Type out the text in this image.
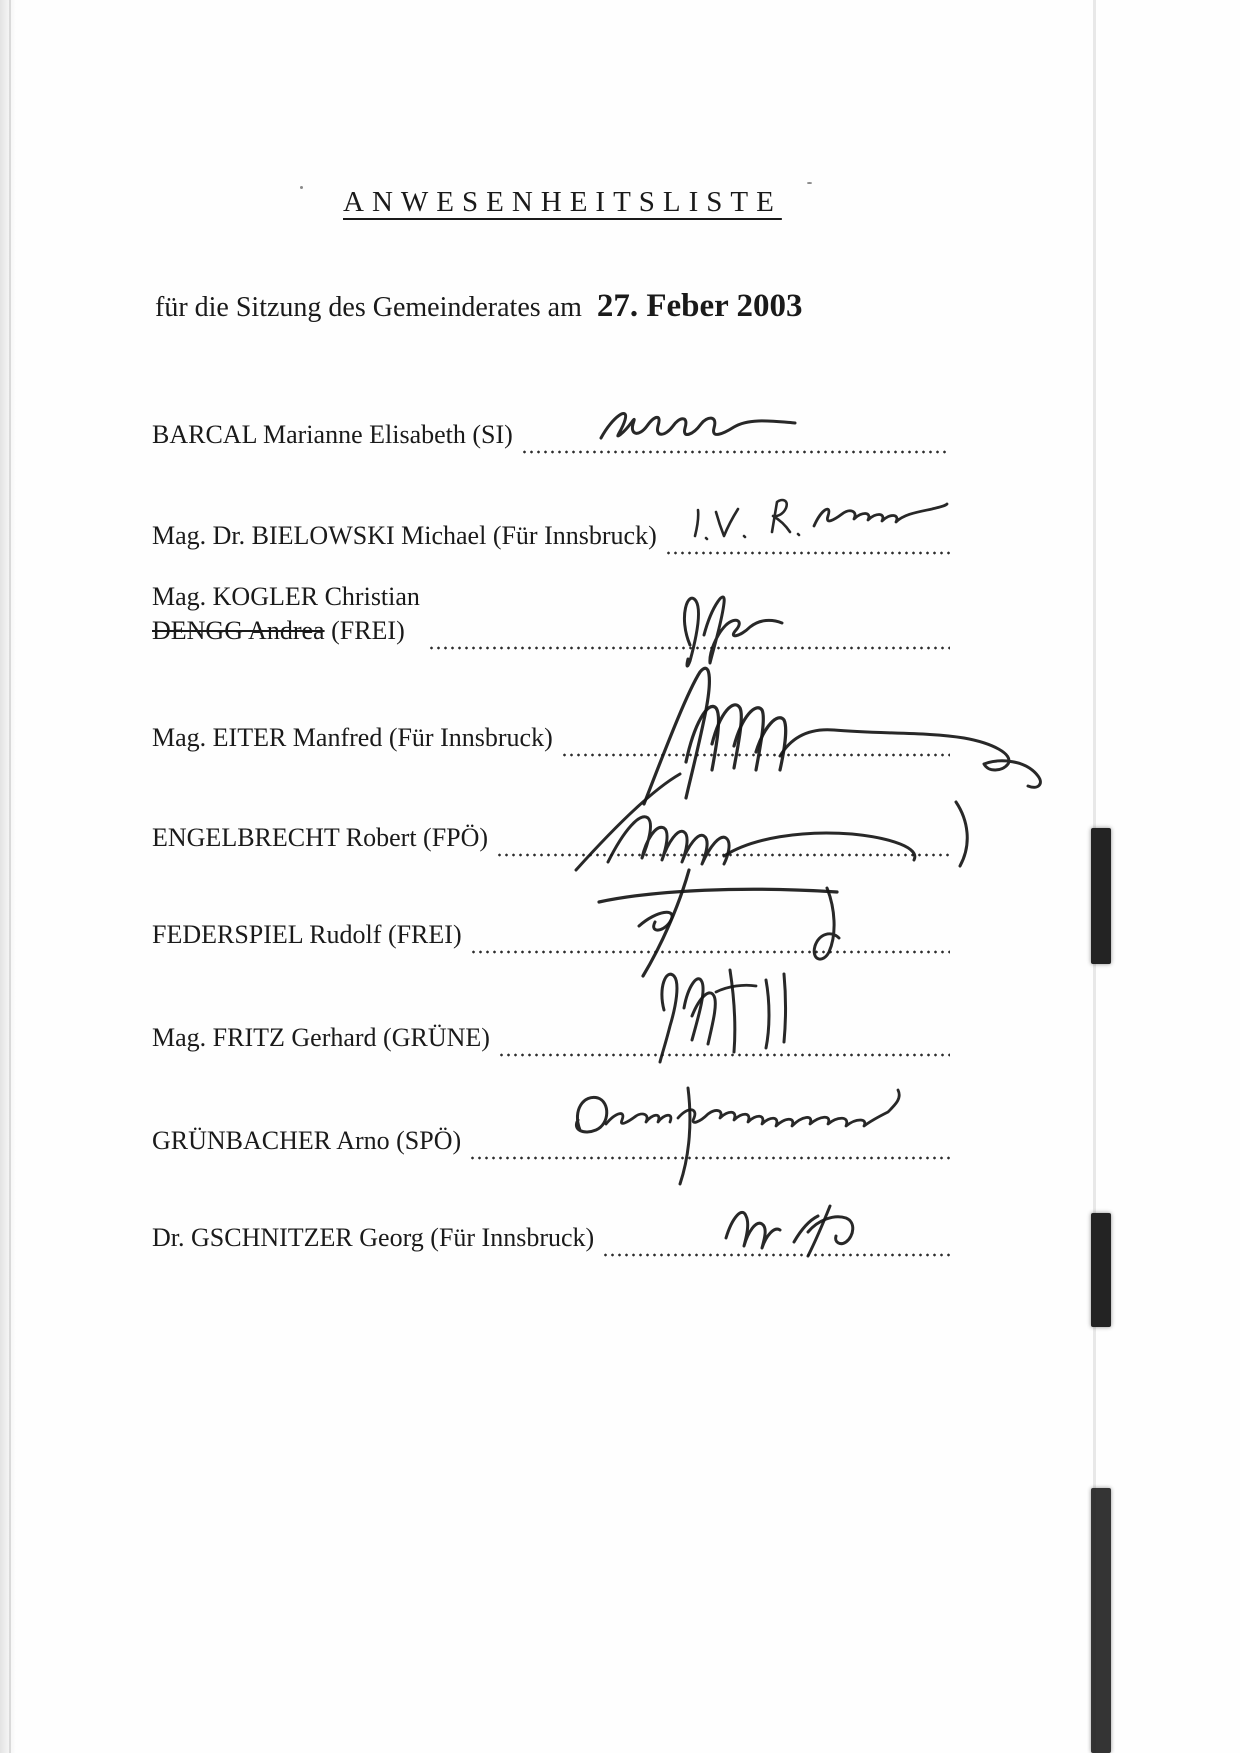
ANWESENHEITSLISTE
für die Sitzung des Gemeinderates am 27. Feber 2003
BARCAL Marianne Elisabeth (SI)
Mag. Dr. BIELOWSKI Michael (Für Innsbruck)
Mag. KOGLER Christian
DENGG Andrea (FREI)
Mag. EITER Manfred (Für Innsbruck)
ENGELBRECHT Robert (FPÖ)
FEDERSPIEL Rudolf (FREI)
Mag. FRITZ Gerhard (GRÜNE)
GRÜNBACHER Arno (SPÖ)
Dr. GSCHNITZER Georg (Für Innsbruck)
